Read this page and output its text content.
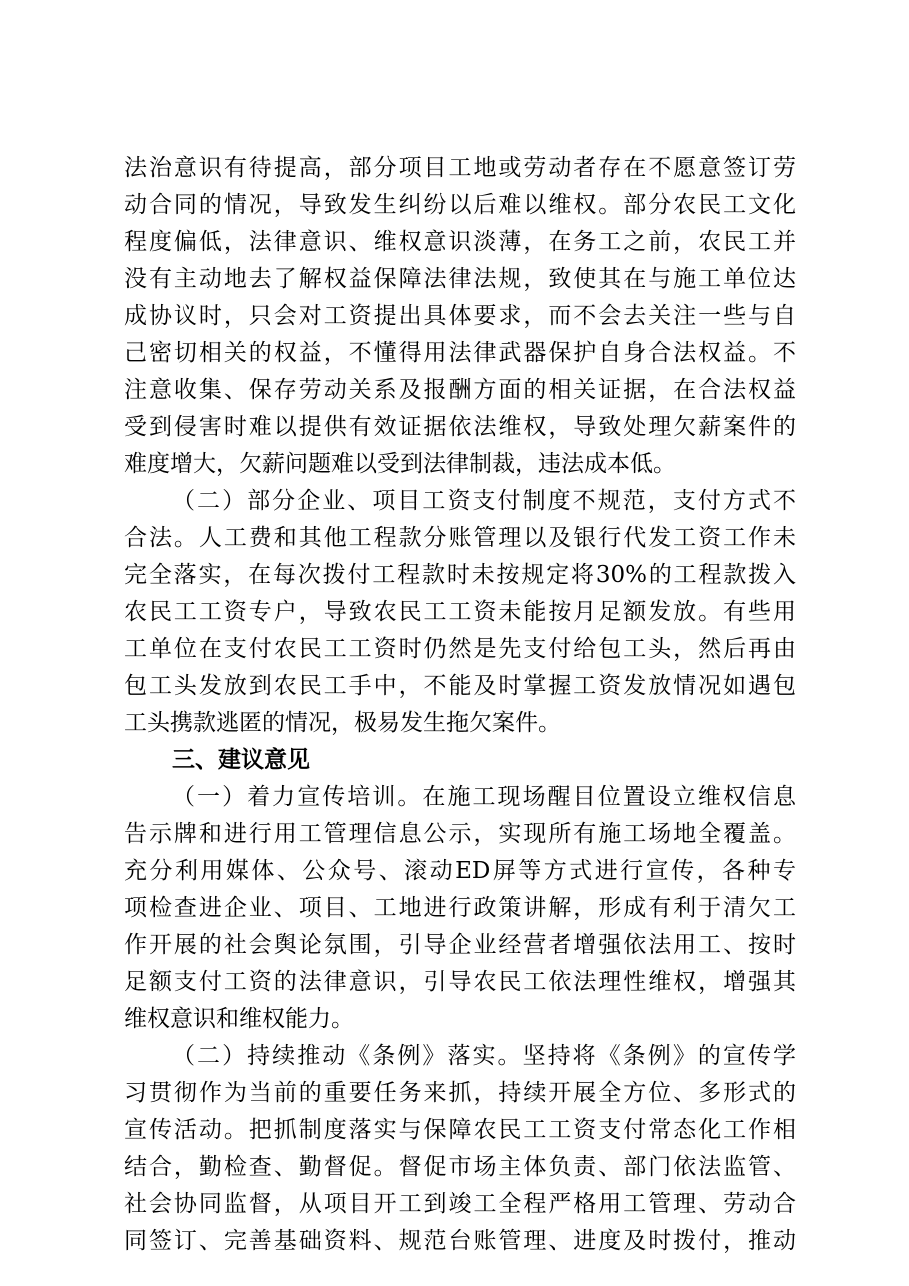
法治意识有待提高，部分项目工地或劳动者存在不愿意签订劳
动合同的情况，导致发生纠纷以后难以维权。部分农民工文化
程度偏低，法律意识、维权意识淡薄，在务工之前，农民工并
没有主动地去了解权益保障法律法规，致使其在与施工单位达
成协议时，只会对工资提出具体要求，而不会去关注一些与自
己密切相关的权益，不懂得用法律武器保护自身合法权益。不
注意收集、保存劳动关系及报酬方面的相关证据，在合法权益
受到侵害时难以提供有效证据依法维权，导致处理欠薪案件的
难度增大，欠薪问题难以受到法律制裁，违法成本低。
（二）部分企业、项目工资支付制度不规范，支付方式不
合法。人工费和其他工程款分账管理以及银行代发工资工作未
完全落实，在每次拨付工程款时未按规定将30%的工程款拨入
农民工工资专户，导致农民工工资未能按月足额发放。有些用
工单位在支付农民工工资时仍然是先支付给包工头，然后再由
包工头发放到农民工手中，不能及时掌握工资发放情况如遇包
工头携款逃匿的情况，极易发生拖欠案件。
三、建议意见
（一）着力宣传培训。在施工现场醒目位置设立维权信息
告示牌和进行用工管理信息公示，实现所有施工场地全覆盖。
充分利用媒体、公众号、滚动ED屏等方式进行宣传，各种专
项检查进企业、项目、工地进行政策讲解，形成有利于清欠工
作开展的社会舆论氛围，引导企业经营者增强依法用工、按时
足额支付工资的法律意识，引导农民工依法理性维权，增强其
维权意识和维权能力。
（二）持续推动《条例》落实。坚持将《条例》的宣传学
习贯彻作为当前的重要任务来抓，持续开展全方位、多形式的
宣传活动。把抓制度落实与保障农民工工资支付常态化工作相
结合，勤检查、勤督促。督促市场主体负责、部门依法监管、
社会协同监督，从项目开工到竣工全程严格用工管理、劳动合
同签订、完善基础资料、规范台账管理、进度及时拨付，推动
